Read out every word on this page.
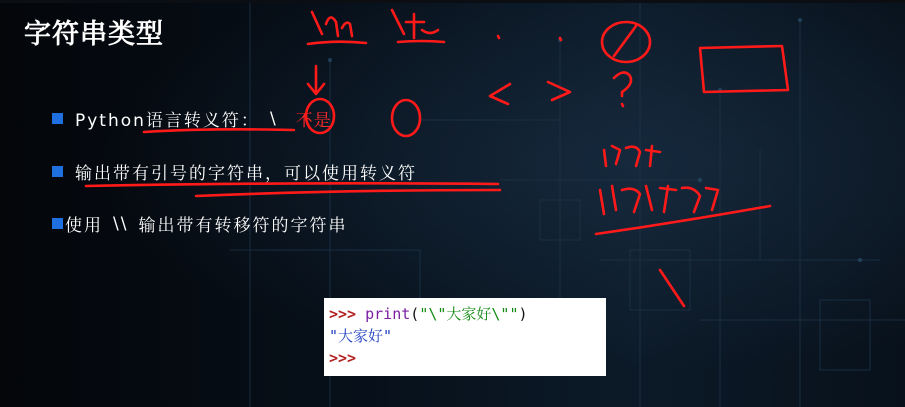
字符串类型
Python语言转义符： \ 不是
输出带有引号的字符串，可以使用转义符
使用 \\ 输出带有转移符的字符串
>>> print("\"大家好\"")
"大家好"
>>>
